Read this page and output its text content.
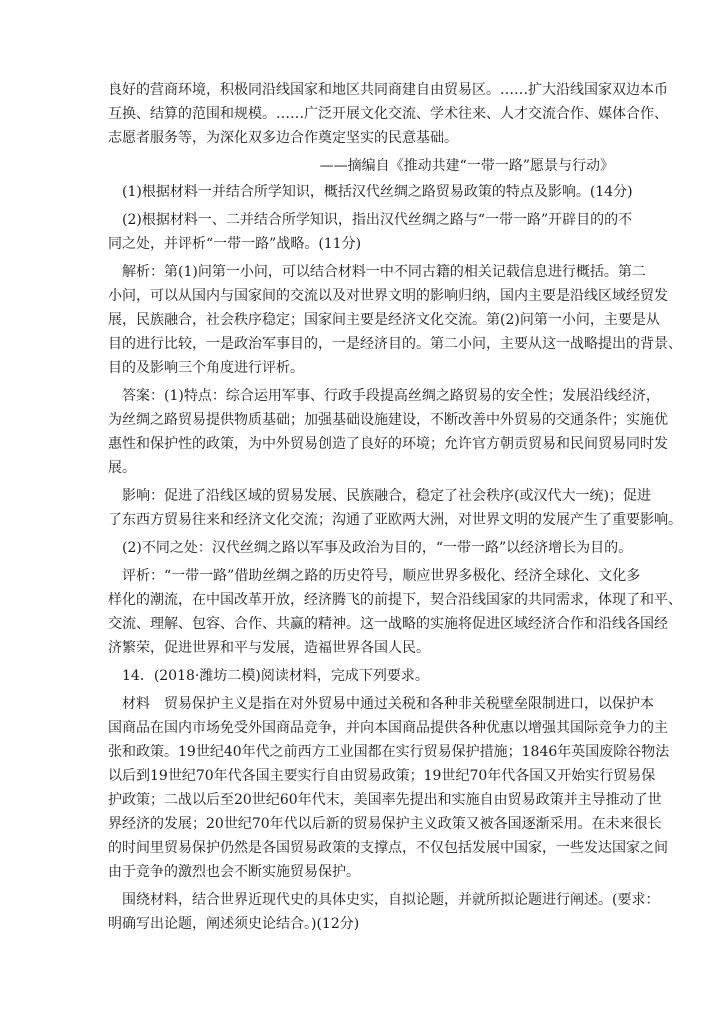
良好的营商环境，积极同沿线国家和地区共同商建自由贸易区。……扩大沿线国家双边本币
互换、结算的范围和规模。……广泛开展文化交流、学术往来、人才交流合作、媒体合作、
志愿者服务等，为深化双多边合作奠定坚实的民意基础。
——摘编自《推动共建“一带一路”愿景与行动》
(1)根据材料一并结合所学知识，概括汉代丝绸之路贸易政策的特点及影响。(14分)
(2)根据材料一、二并结合所学知识，指出汉代丝绸之路与“一带一路”开辟目的的不
同之处，并评析“一带一路”战略。(11分)
解析：第(1)问第一小问，可以结合材料一中不同古籍的相关记载信息进行概括。第二
小问，可以从国内与国家间的交流以及对世界文明的影响归纳，国内主要是沿线区域经贸发
展，民族融合，社会秩序稳定；国家间主要是经济文化交流。第(2)问第一小问，主要是从
目的进行比较，一是政治军事目的，一是经济目的。第二小问，主要从这一战略提出的背景、
目的及影响三个角度进行评析。
答案：(1)特点：综合运用军事、行政手段提高丝绸之路贸易的安全性；发展沿线经济，
为丝绸之路贸易提供物质基础；加强基础设施建设，不断改善中外贸易的交通条件；实施优
惠性和保护性的政策，为中外贸易创造了良好的环境；允许官方朝贡贸易和民间贸易同时发
展。
影响：促进了沿线区域的贸易发展、民族融合，稳定了社会秩序(或汉代大一统)；促进
了东西方贸易往来和经济文化交流；沟通了亚欧两大洲，对世界文明的发展产生了重要影响。
(2)不同之处：汉代丝绸之路以军事及政治为目的，“一带一路”以经济增长为目的。
评析：“一带一路”借助丝绸之路的历史符号，顺应世界多极化、经济全球化、文化多
样化的潮流，在中国改革开放，经济腾飞的前提下，契合沿线国家的共同需求，体现了和平、
交流、理解、包容、合作、共赢的精神。这一战略的实施将促进区域经济合作和沿线各国经
济繁荣，促进世界和平与发展，造福世界各国人民。
14．(2018·潍坊二模)阅读材料，完成下列要求。
材料　贸易保护主义是指在对外贸易中通过关税和各种非关税壁垒限制进口，以保护本
国商品在国内市场免受外国商品竞争，并向本国商品提供各种优惠以增强其国际竞争力的主
张和政策。19世纪40年代之前西方工业国都在实行贸易保护措施；1846年英国废除谷物法
以后到19世纪70年代各国主要实行自由贸易政策；19世纪70年代各国又开始实行贸易保
护政策；二战以后至20世纪60年代末，美国率先提出和实施自由贸易政策并主导推动了世
界经济的发展；20世纪70年代以后新的贸易保护主义政策又被各国逐渐采用。在未来很长
的时间里贸易保护仍然是各国贸易政策的支撑点，不仅包括发展中国家，一些发达国家之间
由于竞争的激烈也会不断实施贸易保护。
围绕材料，结合世界近现代史的具体史实，自拟论题，并就所拟论题进行阐述。(要求：
明确写出论题，阐述须史论结合。)(12分)
